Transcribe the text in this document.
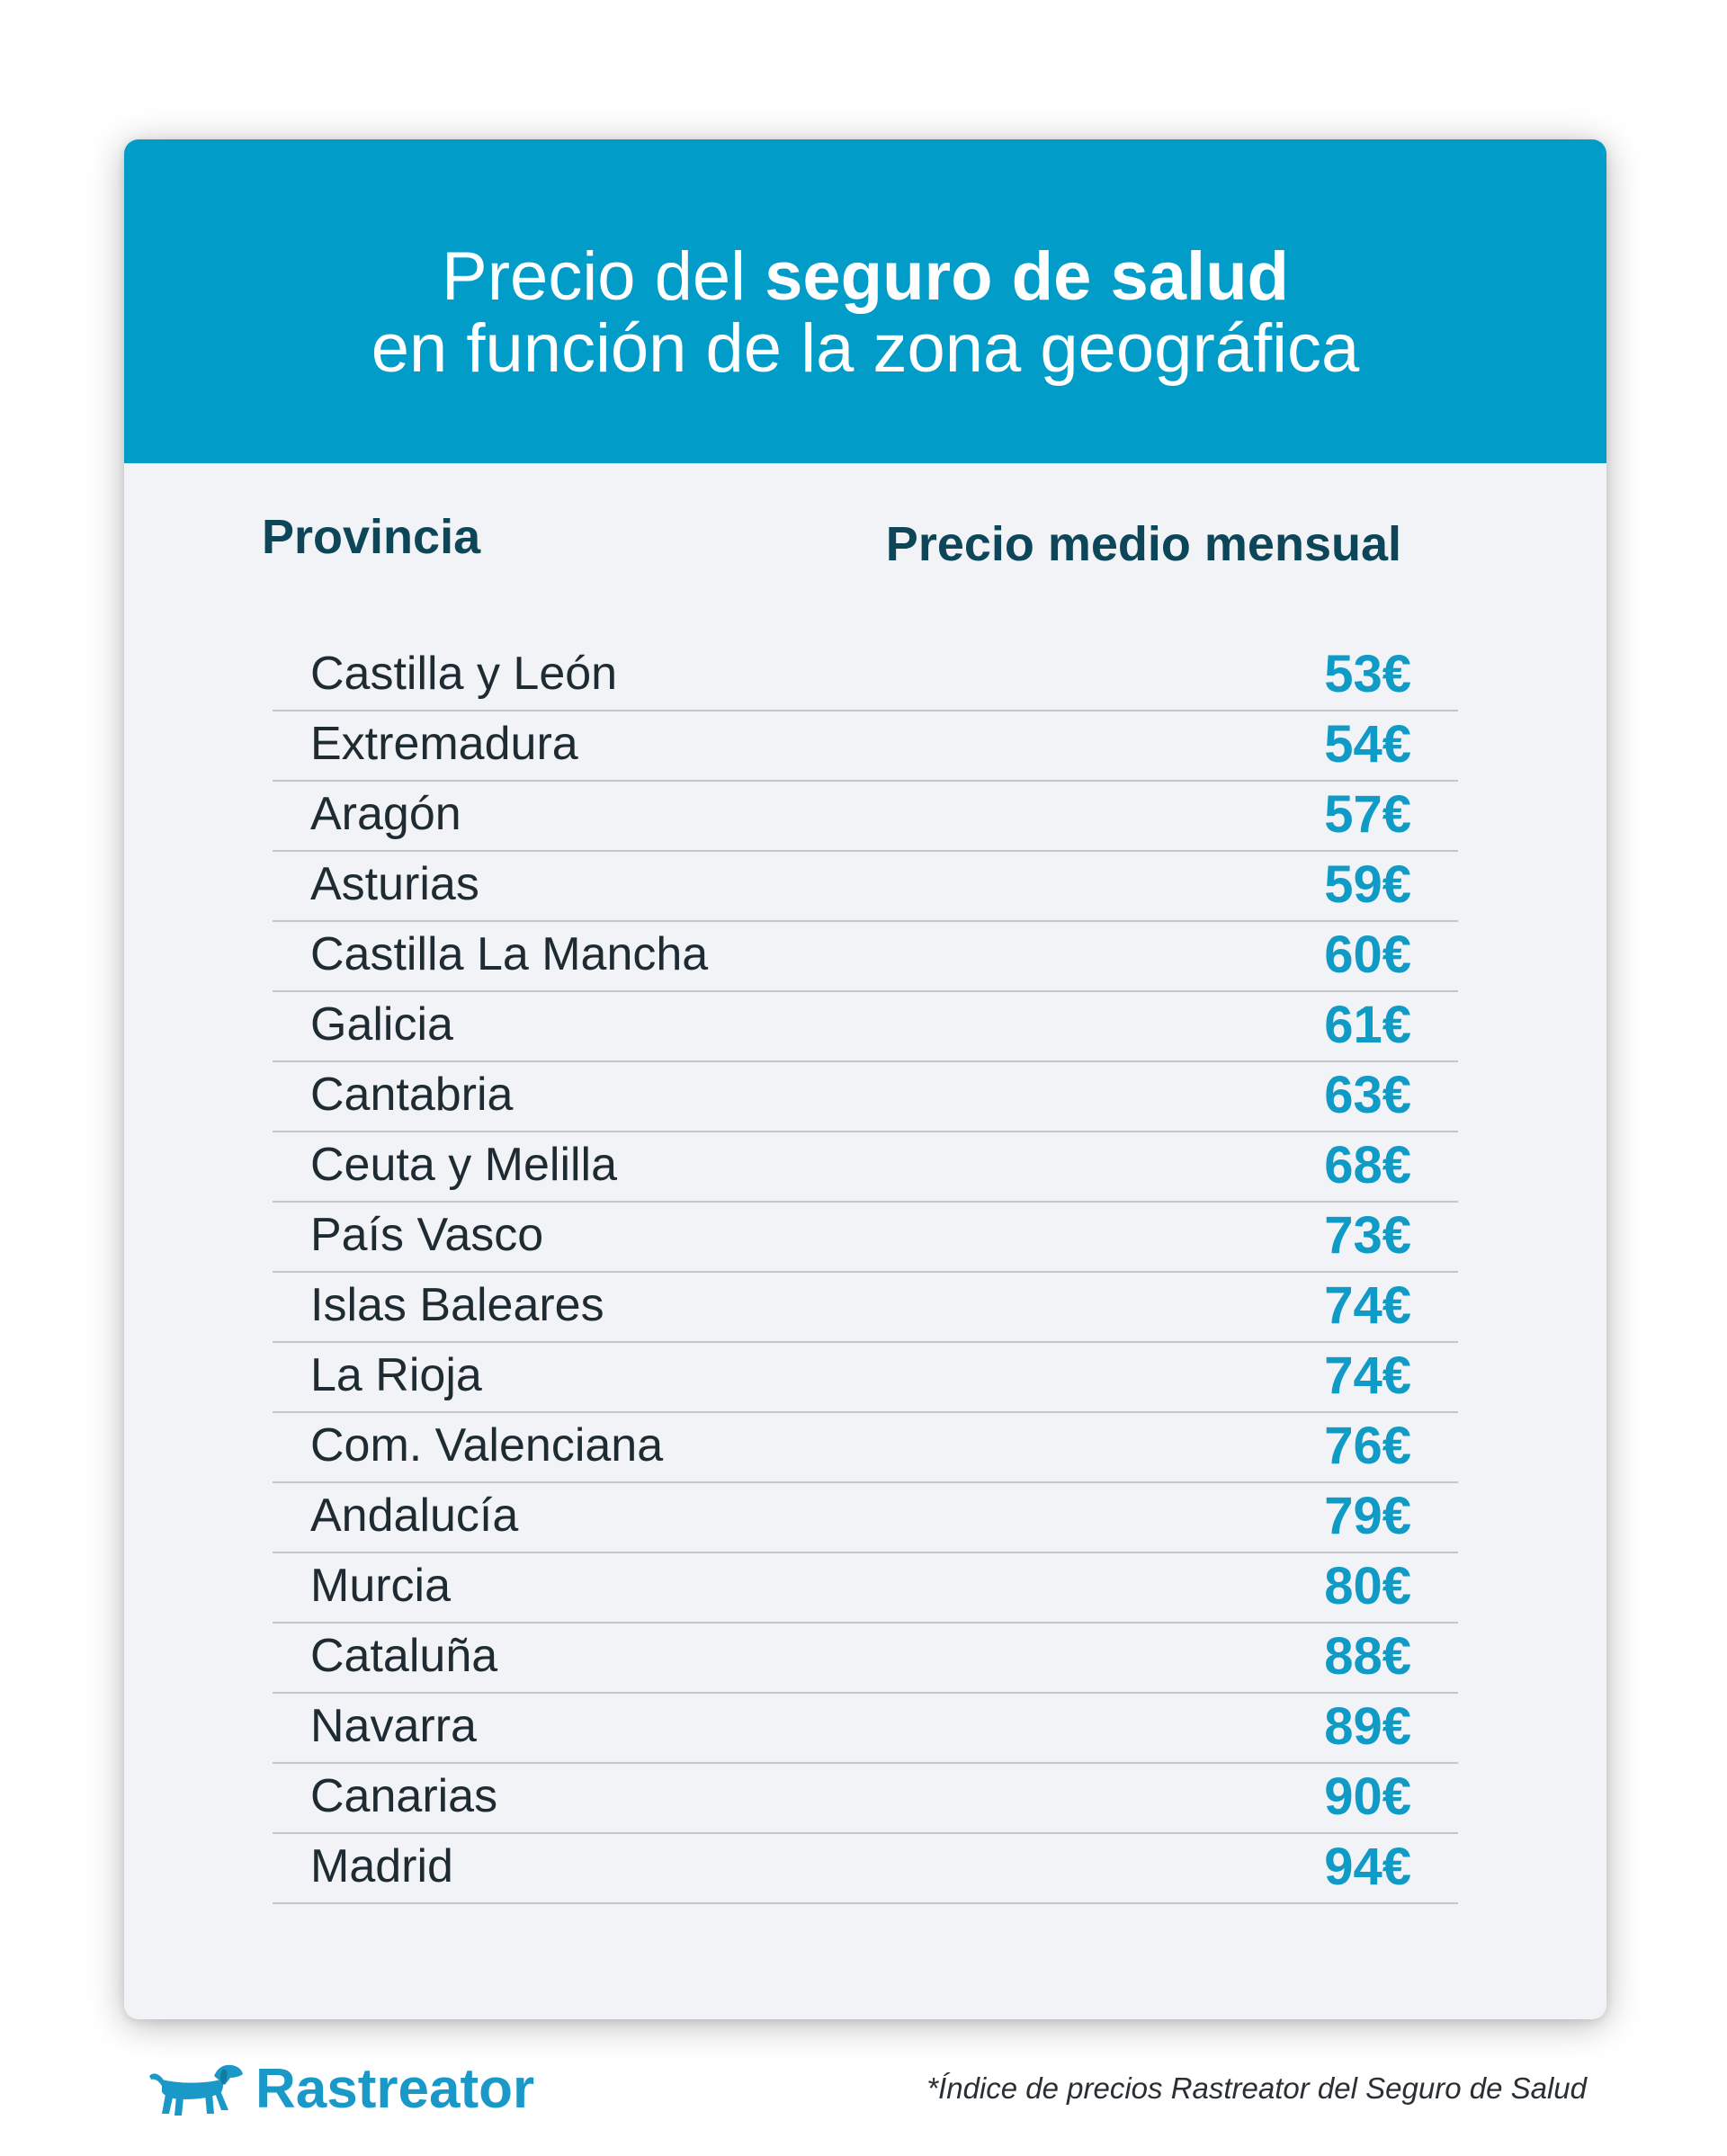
Precio del seguro de salud
en función de la zona geográfica
Provincia	Precio medio mensual
Castilla y León	53€
Extremadura	54€
Aragón	57€
Asturias	59€
Castilla La Mancha	60€
Galicia	61€
Cantabria	63€
Ceuta y Melilla	68€
País Vasco	73€
Islas Baleares	74€
La Rioja	74€
Com. Valenciana	76€
Andalucía	79€
Murcia	80€
Cataluña	88€
Navarra	89€
Canarias	90€
Madrid	94€
Rastreator	*Índice de precios Rastreator del Seguro de Salud
